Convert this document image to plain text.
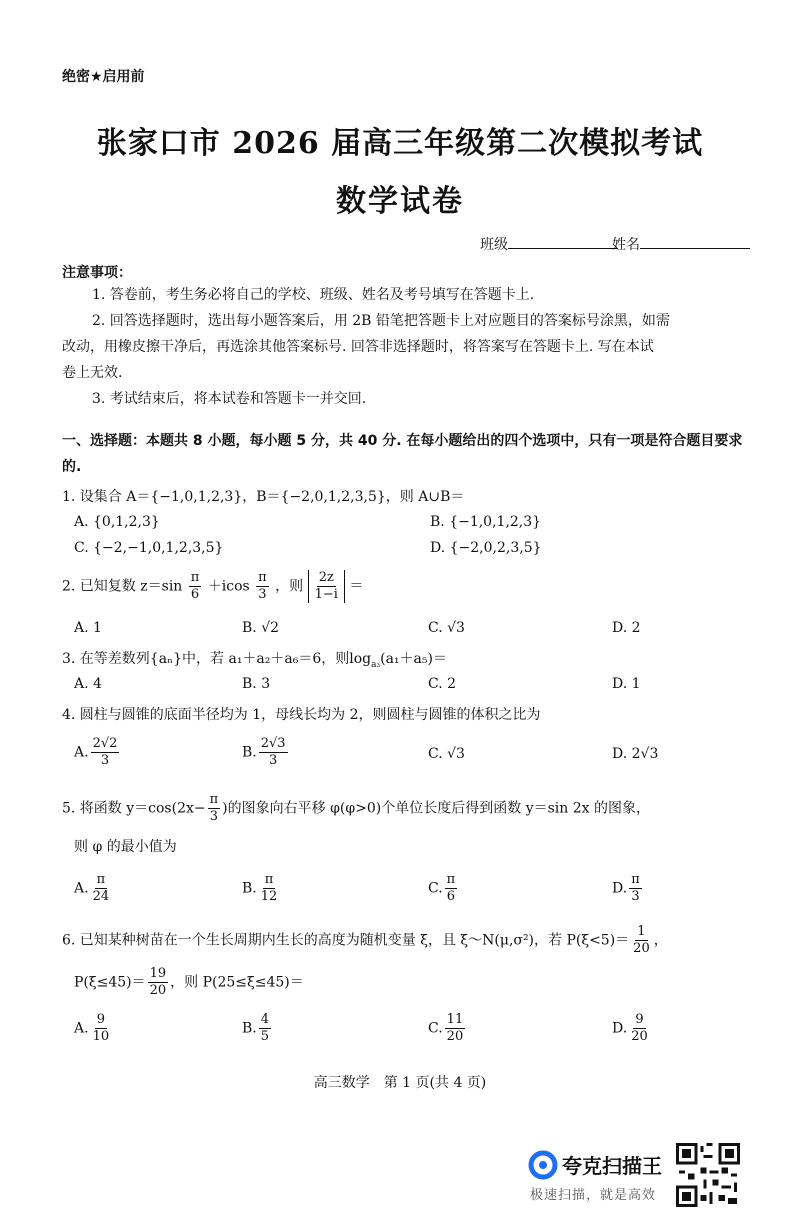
绝密★启用前
张家口市 2026 届高三年级第二次模拟考试
数学试卷
班级	姓名
注意事项：
1. 答卷前，考生务必将自己的学校、班级、姓名及考号填写在答题卡上.
2. 回答选择题时，选出每小题答案后，用 2B 铅笔把答题卡上对应题目的答案标号涂黑，如需
改动，用橡皮擦干净后，再选涂其他答案标号. 回答非选择题时，将答案写在答题卡上. 写在本试
卷上无效.
3. 考试结束后，将本试卷和答题卡一并交回.
一、选择题：本题共 8 小题，每小题 5 分，共 40 分. 在每小题给出的四个选项中，只有一项是符合题目要求的.
1. 设集合 A＝{−1,0,1,2,3}，B＝{−2,0,1,2,3,5}，则 A∪B＝
A. {0,1,2,3}	B. {−1,0,1,2,3}
C. {−2,−1,0,1,2,3,5}	D. {−2,0,2,3,5}
2. 已知复数 $z=\sin \frac{\pi}{6} +icos \frac{\pi}{3}$ ，则 $\frac{2z}{1-i}$ ＝
A. 1	B. √2	C. √3	D. 2
3. 在等差数列{aₙ}中，若 a₁＋a₂＋a₆＝6，则$\log_{a_3}(a_1+a_5)=$
A. 4	B. 3	C. 2	D. 1
4. 圆柱与圆锥的底面半径均为 1，母线长均为 2，则圆柱与圆锥的体积之比为
A. $\frac{2√2}{3}$	B. $\frac{2√3}{3}$	C. √3	D. 2√3
5. 将函数 $y=\cos(2x- \frac{\pi}{3}$ )的图象向右平移 φ(φ>0)个单位长度后得到函数 y＝sin 2x 的图象，
则 φ 的最小值为
A. $\frac{\pi}{24}$	B. $\frac{\pi}{12}$	C. $\frac{\pi}{6}$	D. $\frac{\pi}{3}$
6. 已知某种树苗在一个生长周期内生长的高度为随机变量 ξ，且 ξ～N(μ,σ²)，若 $P(\xi<5)= \frac{1}{20}$ ，
$P(\xi\le 45)= \frac{19}{20}$ ，则 P(25≤ξ≤45)＝
A. $\frac{9}{10}$	B. $\frac{4}{5}$	C. $\frac{11}{20}$	D. $\frac{9}{20}$
高三数学　第 1 页(共 4 页)
夸克扫描王
极速扫描，就是高效
